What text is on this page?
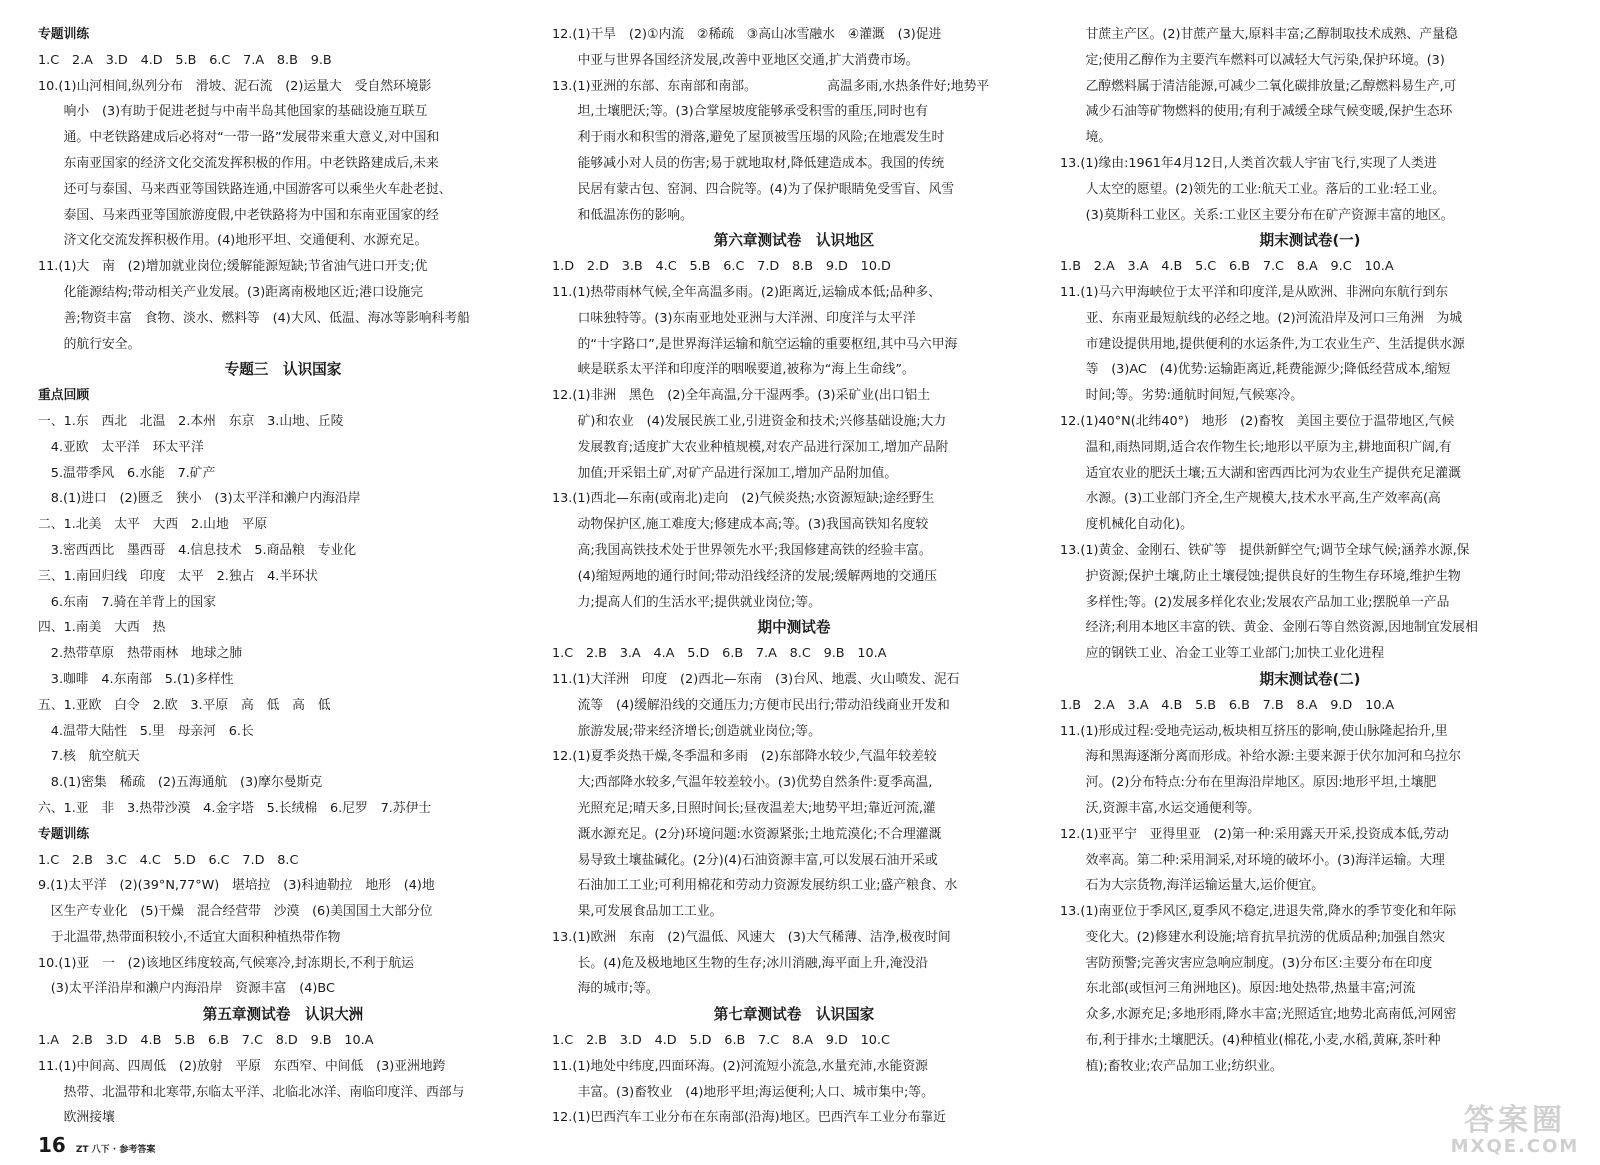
专题训练
1.C　2.A　3.D　4.D　5.B　6.C　7.A　8.B　9.B
10.(1)山河相间,纵列分布　滑坡、泥石流　(2)运量大　受自然环境影
　　响小　(3)有助于促进老挝与中南半岛其他国家的基础设施互联互
　　通。中老铁路建成后必将对“一带一路”发展带来重大意义,对中国和
　　东南亚国家的经济文化交流发挥积极的作用。中老铁路建成后,未来
　　还可与泰国、马来西亚等国铁路连通,中国游客可以乘坐火车赴老挝、
　　泰国、马来西亚等国旅游度假,中老铁路将为中国和东南亚国家的经
　　济文化交流发挥积极作用。(4)地形平坦、交通便利、水源充足。
11.(1)大　南　(2)增加就业岗位;缓解能源短缺;节省油气进口开支;优
　　化能源结构;带动相关产业发展。(3)距离南极地区近;港口设施完
　　善;物资丰富　食物、淡水、燃料等　(4)大风、低温、海冰等影响科考船
　　的航行安全。
专题三　认识国家
重点回顾
一、1.东　西北　北温　2.本州　东京　3.山地、丘陵
　4.亚欧　太平洋　环太平洋
　5.温带季风　6.水能　7.矿产
　8.(1)进口　(2)匮乏　狭小　(3)太平洋和濑户内海沿岸
二、1.北美　太平　大西　2.山地　平原
　3.密西西比　墨西哥　4.信息技术　5.商品粮　专业化
三、1.南回归线　印度　太平　2.独占　4.半环状
　6.东南　7.骑在羊背上的国家
四、1.南美　大西　热
　2.热带草原　热带雨林　地球之肺
　3.咖啡　4.东南部　5.(1)多样性
五、1.亚欧　白令　2.欧　3.平原　高　低　高　低
　4.温带大陆性　5.里　母亲河　6.长
　7.核　航空航天
　8.(1)密集　稀疏　(2)五海通航　(3)摩尔曼斯克
六、1.亚　非　3.热带沙漠　4.金字塔　5.长绒棉　6.尼罗　7.苏伊士
专题训练
1.C　2.B　3.C　4.C　5.D　6.C　7.D　8.C
9.(1)太平洋　(2)(39°N,77°W)　堪培拉　(3)科迪勒拉　地形　(4)地
　区生产专业化　(5)干燥　混合经营带　沙漠　(6)美国国土大部分位
　于北温带,热带面积较小,不适宜大面积种植热带作物
10.(1)亚　一　(2)该地区纬度较高,气候寒冷,封冻期长,不利于航运
　(3)太平洋沿岸和濑户内海沿岸　资源丰富　(4)BC
第五章测试卷　认识大洲
1.A　2.B　3.D　4.B　5.B　6.B　7.C　8.D　9.B　10.A
11.(1)中间高、四周低　(2)放射　平原　东西窄、中间低　(3)亚洲地跨
　　热带、北温带和北寒带,东临太平洋、北临北冰洋、南临印度洋、西部与
　　欧洲接壤
12.(1)干旱　(2)①内流　②稀疏　③高山冰雪融水　④灌溉　(3)促进
　　中亚与世界各国经济发展,改善中亚地区交通,扩大消费市场。
13.(1)亚洲的东部、东南部和南部。　　　　　　高温多雨,水热条件好;地势平
　　坦,土壤肥沃;等。(3)合掌屋坡度能够承受积雪的重压,同时也有
　　利于雨水和积雪的滑落,避免了屋顶被雪压塌的风险;在地震发生时
　　能够减小对人员的伤害;易于就地取材,降低建造成本。我国的传统
　　民居有蒙古包、窑洞、四合院等。(4)为了保护眼睛免受雪盲、风雪
　　和低温冻伤的影响。
第六章测试卷　认识地区
1.D　2.D　3.B　4.C　5.B　6.C　7.D　8.B　9.D　10.D
11.(1)热带雨林气候,全年高温多雨。(2)距离近,运输成本低;品种多、
　　口味独特等。(3)东南亚地处亚洲与大洋洲、印度洋与太平洋
　　的“十字路口”,是世界海洋运输和航空运输的重要枢纽,其中马六甲海
　　峡是联系太平洋和印度洋的咽喉要道,被称为“海上生命线”。
12.(1)非洲　黑色　(2)全年高温,分干湿两季。(3)采矿业(出口铝土
　　矿)和农业　(4)发展民族工业,引进资金和技术;兴修基础设施;大力
　　发展教育;适度扩大农业种植规模,对农产品进行深加工,增加产品附
　　加值;开采铝土矿,对矿产品进行深加工,增加产品附加值。
13.(1)西北—东南(或南北)走向　(2)气候炎热;水资源短缺;途经野生
　　动物保护区,施工难度大;修建成本高;等。(3)我国高铁知名度较
　　高;我国高铁技术处于世界领先水平;我国修建高铁的经验丰富。
　　(4)缩短两地的通行时间;带动沿线经济的发展;缓解两地的交通压
　　力;提高人们的生活水平;提供就业岗位;等。
期中测试卷
1.C　2.B　3.A　4.A　5.D　6.B　7.A　8.C　9.B　10.A
11.(1)大洋洲　印度　(2)西北—东南　(3)台风、地震、火山喷发、泥石
　　流等　(4)缓解沿线的交通压力;方便市民出行;带动沿线商业开发和
　　旅游发展;带来经济增长;创造就业岗位;等。
12.(1)夏季炎热干燥,冬季温和多雨　(2)东部降水较少,气温年较差较
　　大;西部降水较多,气温年较差较小。(3)优势自然条件:夏季高温,
　　光照充足;晴天多,日照时间长;昼夜温差大;地势平坦;靠近河流,灌
　　溉水源充足。(2分)环境问题:水资源紧张;土地荒漠化;不合理灌溉
　　易导致土壤盐碱化。(2分)(4)石油资源丰富,可以发展石油开采或
　　石油加工工业;可利用棉花和劳动力资源发展纺织工业;盛产粮食、水
　　果,可发展食品加工工业。
13.(1)欧洲　东南　(2)气温低、风速大　(3)大气稀薄、洁净,极夜时间
　　长。(4)危及极地地区生物的生存;冰川消融,海平面上升,淹没沿
　　海的城市;等。
第七章测试卷　认识国家
1.C　2.B　3.D　4.D　5.D　6.B　7.C　8.A　9.D　10.C
11.(1)地处中纬度,四面环海。(2)河流短小流急,水量充沛,水能资源
　　丰富。(3)畜牧业　(4)地形平坦;海运便利;人口、城市集中;等。
12.(1)巴西汽车工业分布在东南部(沿海)地区。巴西汽车工业分布靠近
　　甘蔗主产区。(2)甘蔗产量大,原料丰富;乙醇制取技术成熟、产量稳
　　定;使用乙醇作为主要汽车燃料可以减轻大气污染,保护环境。(3)
　　乙醇燃料属于清洁能源,可减少二氧化碳排放量;乙醇燃料易生产,可
　　减少石油等矿物燃料的使用;有利于减缓全球气候变暖,保护生态环
　　境。
13.(1)缘由:1961年4月12日,人类首次载人宇宙飞行,实现了人类进
　　人太空的愿望。(2)领先的工业:航天工业。落后的工业:轻工业。
　　(3)莫斯科工业区。关系:工业区主要分布在矿产资源丰富的地区。
期末测试卷(一)
1.B　2.A　3.A　4.B　5.C　6.B　7.C　8.A　9.C　10.A
11.(1)马六甲海峡位于太平洋和印度洋,是从欧洲、非洲向东航行到东
　　亚、东南亚最短航线的必经之地。(2)河流沿岸及河口三角洲　为城
　　市建设提供用地,提供便利的水运条件,为工农业生产、生活提供水源
　　等　(3)AC　(4)优势:运输距离近,耗费能源少;降低经营成本,缩短
　　时间;等。劣势:通航时间短,气候寒冷。
12.(1)40°N(北纬40°)　地形　(2)畜牧　美国主要位于温带地区,气候
　　温和,雨热同期,适合农作物生长;地形以平原为主,耕地面积广阔,有
　　适宜农业的肥沃土壤;五大湖和密西西比河为农业生产提供充足灌溉
　　水源。(3)工业部门齐全,生产规模大,技术水平高,生产效率高(高
　　度机械化自动化)。
13.(1)黄金、金刚石、铁矿等　提供新鲜空气;调节全球气候;涵养水源,保
　　护资源;保护土壤,防止土壤侵蚀;提供良好的生物生存环境,维护生物
　　多样性;等。(2)发展多样化农业;发展农产品加工业;摆脱单一产品
　　经济;利用本地区丰富的铁、黄金、金刚石等自然资源,因地制宜发展相
　　应的钢铁工业、冶金工业等工业部门;加快工业化进程
期末测试卷(二)
1.B　2.A　3.A　4.B　5.B　6.B　7.B　8.A　9.D　10.A
11.(1)形成过程:受地壳运动,板块相互挤压的影响,使山脉隆起抬升,里
　　海和黑海逐渐分离而形成。补给水源:主要来源于伏尔加河和乌拉尔
　　河。(2)分布特点:分布在里海沿岸地区。原因:地形平坦,土壤肥
　　沃,资源丰富,水运交通便利等。
12.(1)亚平宁　亚得里亚　(2)第一种:采用露天开采,投资成本低,劳动
　　效率高。第二种:采用洞采,对环境的破坏小。(3)海洋运输。大理
　　石为大宗货物,海洋运输运量大,运价便宜。
13.(1)南亚位于季风区,夏季风不稳定,进退失常,降水的季节变化和年际
　　变化大。(2)修建水利设施;培育抗旱抗涝的优质品种;加强自然灾
　　害防预警;完善灾害应急响应制度。(3)分布区:主要分布在印度
　　东北部(或恒河三角洲地区)。原因:地处热带,热量丰富;河流
　　众多,水源充足;多地形雨,降水丰富;光照适宜;地势北高南低,河网密
　　布,利于排水;土壤肥沃。(4)种植业(棉花,小麦,水稻,黄麻,茶叶种
　　植);畜牧业;农产品加工业;纺织业。
16 ZT 八下 · 参考答案
答案圈
MXQE.COM
